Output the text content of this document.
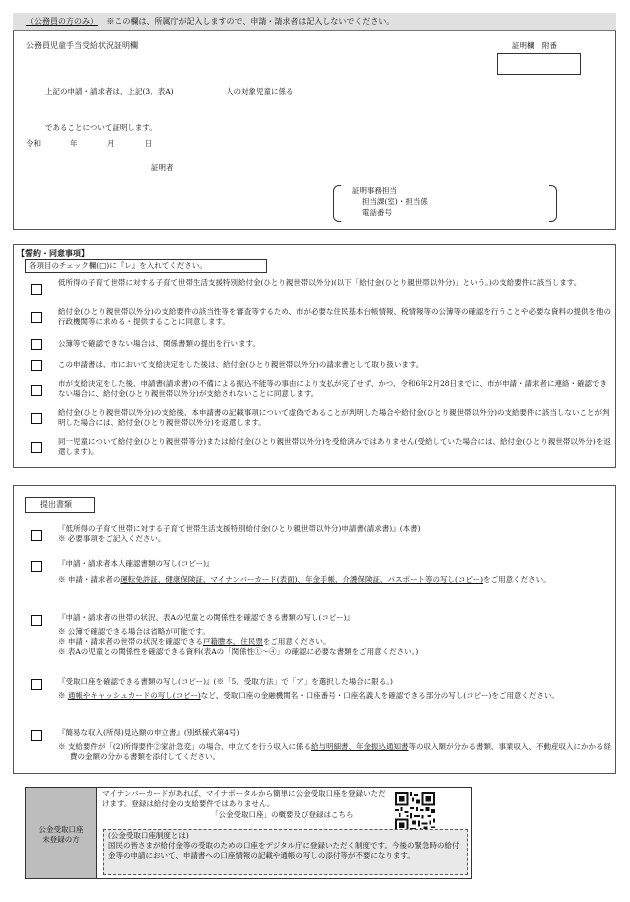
（公務員の方のみ） ※この欄は、所属庁が記入しますので、申請・請求者は記入しないでください。
公務員児童手当受給状況証明欄	証明欄　附番
上記の申請・請求者は、上記(3．表A)	人の対象児童に係る
であることについて証明します。
令和	年	月	日
証明者
証明事務担当
担当課(室)・担当係
電話番号
【誓約・同意事項】
各項目のチェック欄(□)に『レ』を入れてください。
低所得の子育て世帯に対する子育て世帯生活支援特別給付金(ひとり親世帯以外分)(以下「給付金(ひとり親世帯以外分)」という。)の支給要件に該当します。
給付金(ひとり親世帯以外分)の支給要件の該当性等を審査等するため、市が必要な住民基本台帳情報、税情報等の公簿等の確認を行うことや必要な資料の提供を他の行政機関等に求める・提供することに同意します。
公簿等で確認できない場合は、関係書類の提出を行います。
この申請書は、市において支給決定をした後は、給付金(ひとり親世帯以外分)の請求書として取り扱います。
市が支給決定をした後、申請書(請求書)の不備による振込不能等の事由により支払が完了せず、かつ、令和6年2月28日までに、市が申請・請求者に連絡・確認できない場合に、給付金(ひとり親世帯以外分)が支給されないことに同意します。
給付金(ひとり親世帯以外分)の支給後、本申請書の記載事項について虚偽であることが判明した場合や給付金(ひとり親世帯以外分)の支給要件に該当しないことが判明した場合には、給付金(ひとり親世帯以外分)を返還します。
同一児童について給付金(ひとり親世帯等分)または給付金(ひとり親世帯以外分)を受給済みではありません(受給していた場合には、給付金(ひとり親世帯以外分)を返還します)。
提出書類
『低所得の子育て世帯に対する子育て世帯生活支援特別給付金(ひとり親世帯以外分)申請書(請求書)』(本書)
※ 必要事項をご記入ください。
『申請・請求者本人確認書類の写し(コピー)』
※ 申請・請求者の運転免許証、健康保険証、マイナンバーカード(表面)、年金手帳、介護保険証、パスポート等の写し(コピー)をご用意ください。
『申請・請求者の世帯の状況、表Aの児童との関係性を確認できる書類の写し(コピー)』
※ 公簿で確認できる場合は省略が可能です。
※ 申請・請求者の世帯の状況を確認できる戸籍謄本、住民票をご用意ください。
※ 表Aの児童との関係性を確認できる資料(表Aの「関係性①～④」の確認に必要な書類をご用意ください。)
『受取口座を確認できる書類の写し(コピー)』(※「5．受取方法」で「ア」を選択した場合に限る。)
※ 通帳やキャッシュカードの写し(コピー)など、受取口座の金融機関名・口座番号・口座名義人を確認できる部分の写し(コピー)をご用意ください。
『簡易な収入(所得)見込額の申立書』(別紙様式第4号)
※ 支給要件が「(2)所得要件②家計急変」の場合、申立てを行う収入に係る給与明細書、年金振込通知書等の収入額が分かる書類、事業収入、不動産収入にかかる経費の金額の分かる書類を添付してください。
公金受取口座
未登録の方
マイナンバーカードがあれば、マイナポータルから簡単に公金受取口座を登録いただけます。登録は給付金の支給要件ではありません。
「公金受取口座」の概要及び登録はこちら
(公金受取口座制度とは)
国民の皆さまが給付金等の受取のための口座をデジタル庁に登録いただく制度です。今後の緊急時の給付金等の申請において、申請書への口座情報の記載や通帳の写しの添付等が不要になります。
